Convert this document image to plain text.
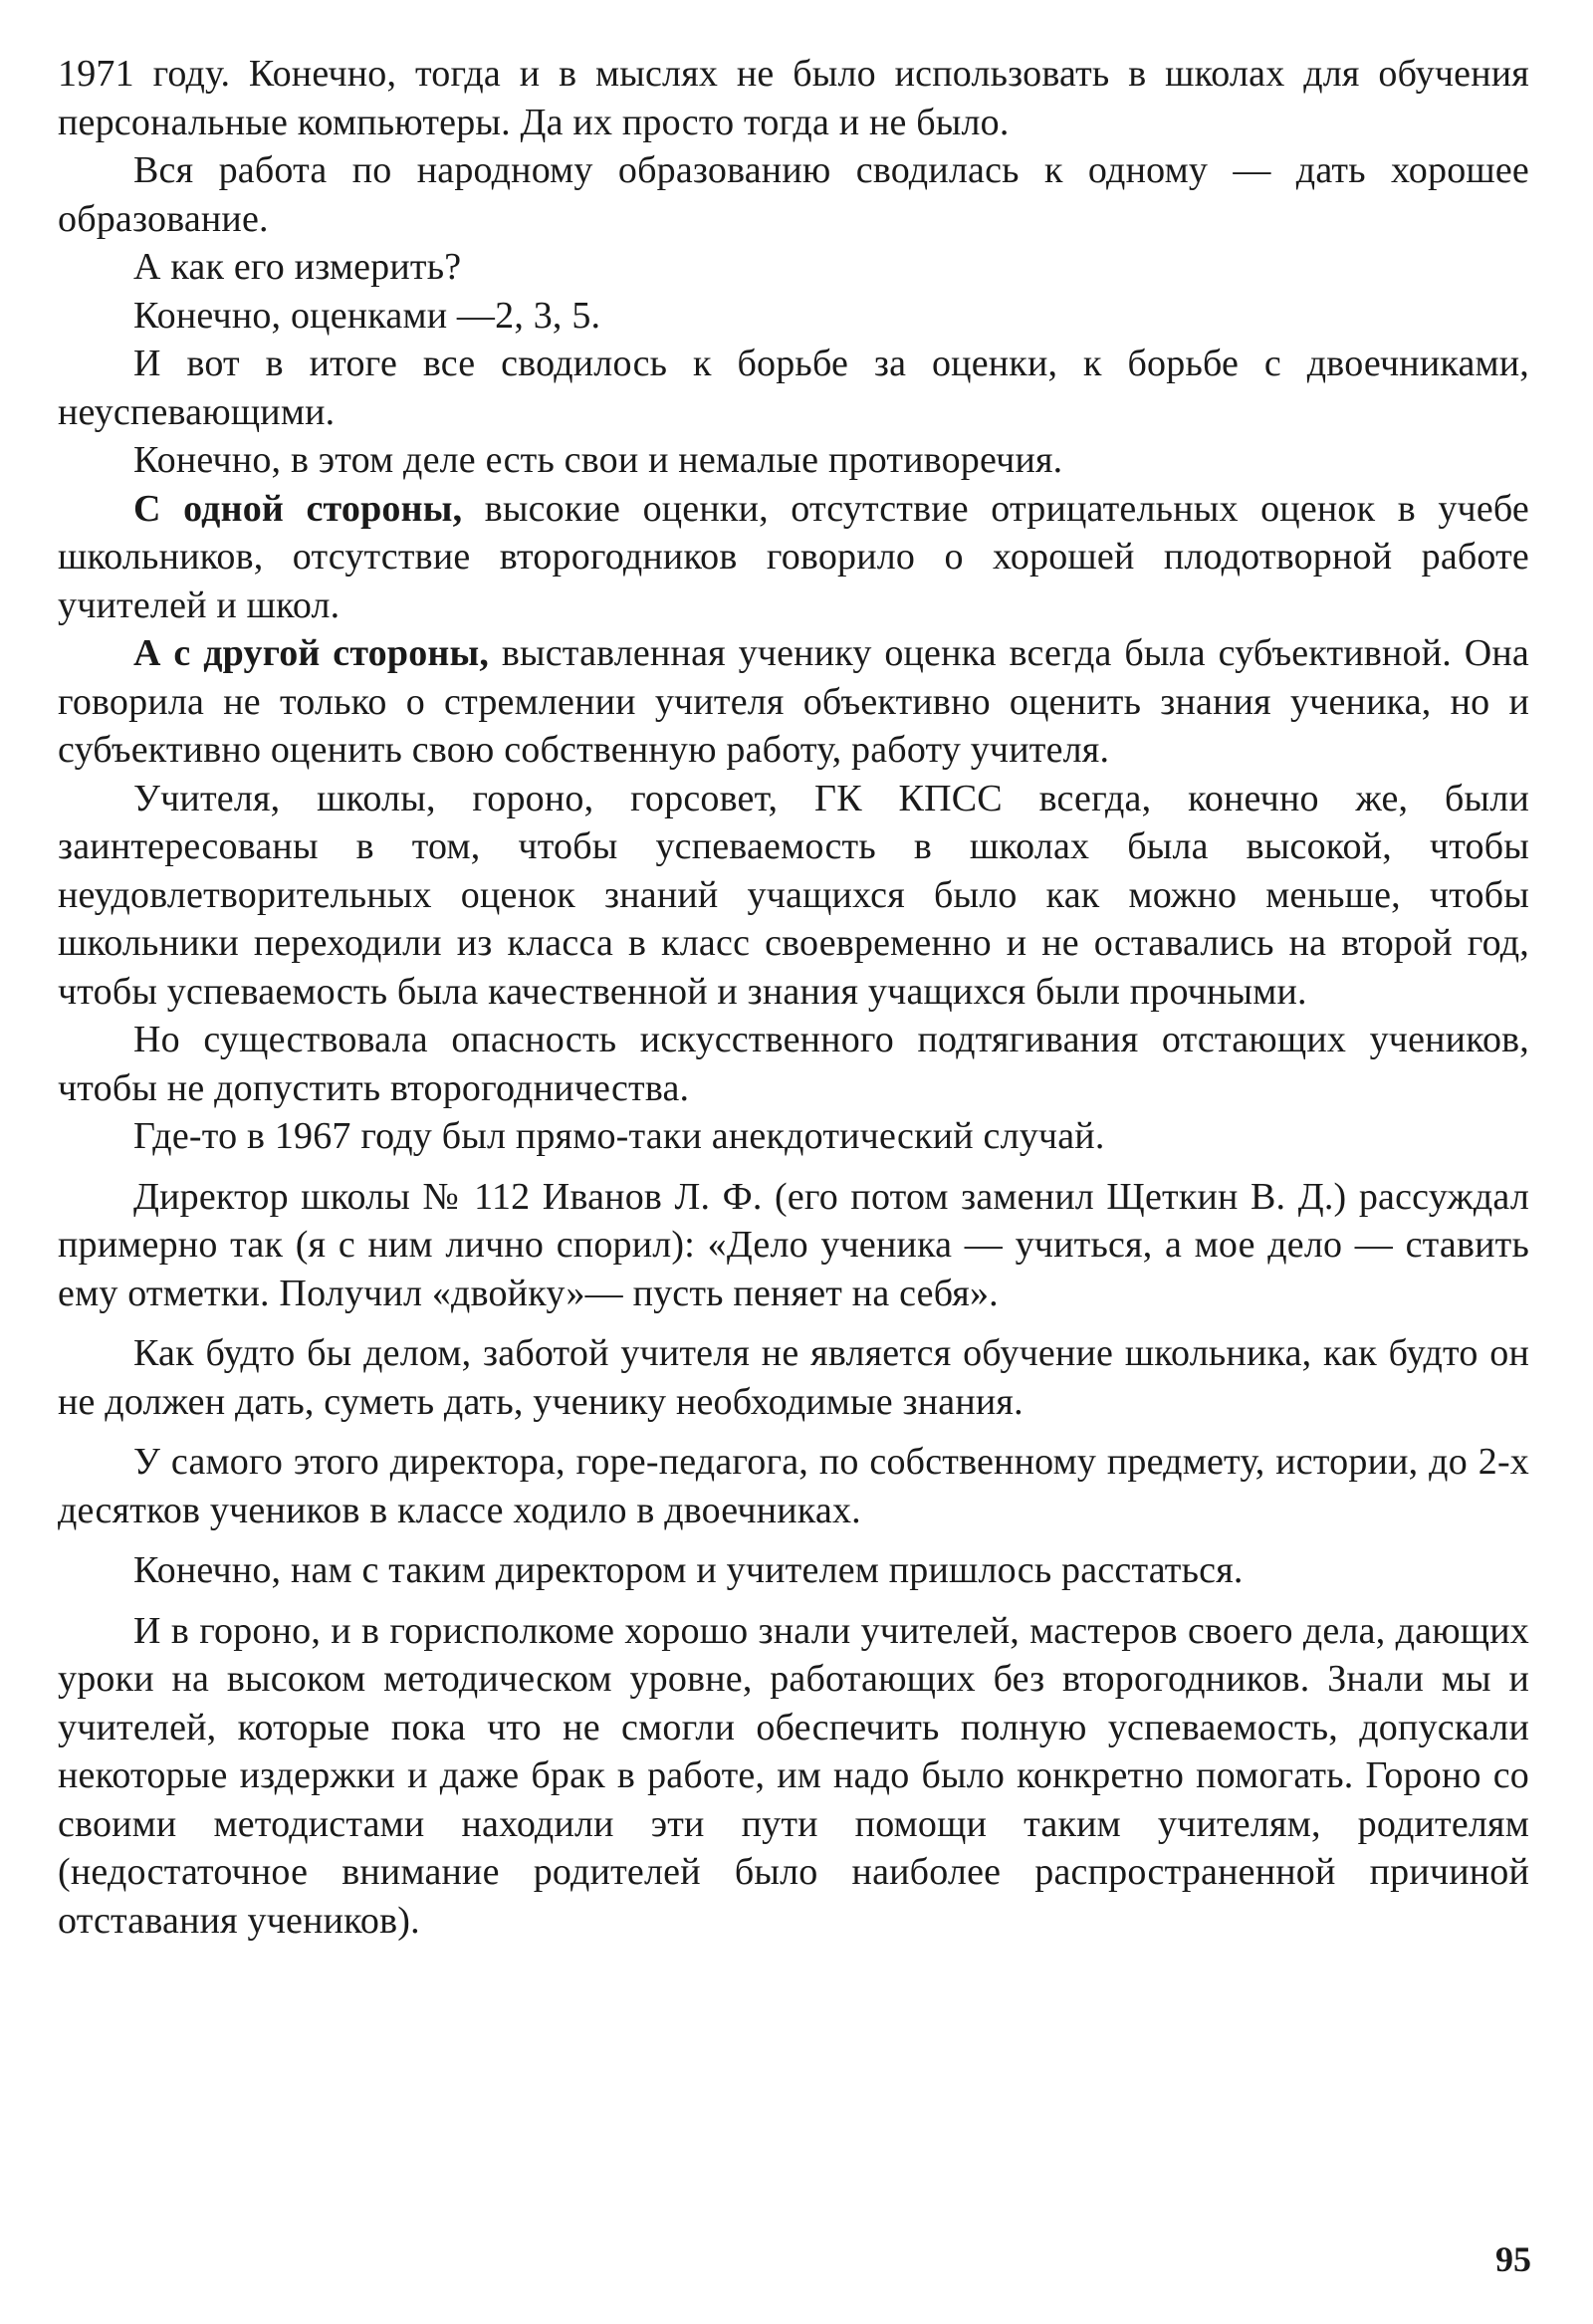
1971 году. Конечно, тогда и в мыслях не было использовать в школах для обучения персональные компьютеры. Да их просто тогда и не было.

Вся работа по народному образованию сводилась к одному — дать хорошее образование.

А как его измерить?

Конечно, оценками —2, 3, 5.

И вот в итоге все сводилось к борьбе за оценки, к борьбе с двоечниками, неуспевающими.

Конечно, в этом деле есть свои и немалые противоречия.

С одной стороны, высокие оценки, отсутствие отрицательных оценок в учебе школьников, отсутствие второгодников говорило о хорошей плодотворной работе учителей и школ.

А с другой стороны, выставленная ученику оценка всегда была субъективной. Она говорила не только о стремлении учителя объективно оценить знания ученика, но и субъективно оценить свою собственную работу, работу учителя.

Учителя, школы, гороно, горсовет, ГК КПСС всегда, конечно же, были заинтересованы в том, чтобы успеваемость в школах была высокой, чтобы неудовлетворительных оценок знаний учащихся было как можно меньше, чтобы школьники переходили из класса в класс своевременно и не оставались на второй год, чтобы успеваемость была качественной и знания учащихся были прочными.

Но существовала опасность искусственного подтягивания отстающих учеников, чтобы не допустить второгодничества.

Где-то в 1967 году был прямо-таки анекдотический случай.

Директор школы № 112 Иванов Л. Ф. (его потом заменил Щеткин В. Д.) рассуждал примерно так (я с ним лично спорил): «Дело ученика — учиться, а мое дело — ставить ему отметки. Получил «двойку»— пусть пеняет на себя».

Как будто бы делом, заботой учителя не является обучение школьника, как будто он не должен дать, суметь дать, ученику необходимые знания.

У самого этого директора, горе-педагога, по собственному предмету, истории, до 2-х десятков учеников в классе ходило в двоечниках.

Конечно, нам с таким директором и учителем пришлось расстаться.

И в гороно, и в горисполкоме хорошо знали учителей, мастеров своего дела, дающих уроки на высоком методическом уровне, работающих без второгодников. Знали мы и учителей, которые пока что не смогли обеспечить полную успеваемость, допускали некоторые издержки и даже брак в работе, им надо было конкретно помогать. Гороно со своими методистами находили эти пути помощи таким учителям, родителям (недостаточное внимание родителей было наиболее распространенной причиной отставания учеников).

95
